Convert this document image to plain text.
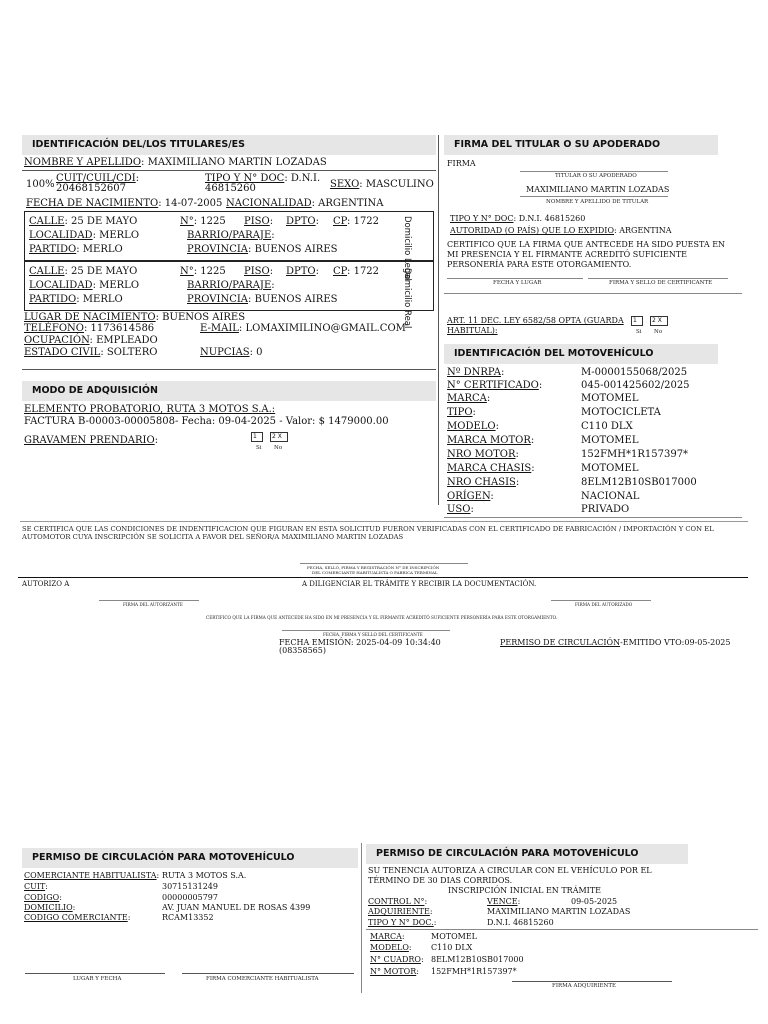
IDENTIFICACIÓN DEL/LOS TITULARES/ES
NOMBRE Y APELLIDO: MAXIMILIANO MARTIN LOZADAS
100%
CUIT/CUIL/CDI:
20468152607
TIPO Y N° DOC: D.N.I.
46815260	SEXO: MASCULINO
FECHA DE NACIMIENTO: 14-07-2005 NACIONALIDAD: ARGENTINA
CALLE: 25 DE MAYO	N°: 1225 PISO: DPTO: CP: 1722
LOCALIDAD: MERLO	BARRIO/PARAJE:
PARTIDO: MERLO	PROVINCIA: BUENOS AIRES	Domicilio Legal
CALLE: 25 DE MAYO	N°: 1225 PISO: DPTO: CP: 1722
LOCALIDAD: MERLO	BARRIO/PARAJE:
PARTIDO: MERLO	PROVINCIA: BUENOS AIRES	Domicilio Real
LUGAR DE NACIMIENTO: BUENOS AIRES
TELÉFONO: 1173614586	E-MAIL: LOMAXIMILINO@GMAIL.COM
OCUPACIÓN: EMPLEADO
ESTADO CIVIL: SOLTERO	NUPCIAS: 0
MODO DE ADQUISICIÓN
ELEMENTO PROBATORIO, RUTA 3 MOTOS S.A.:
FACTURA B-00003-00005808- Fecha: 09-04-2025 - Valor: $ 1479000.00
GRAVAMEN PRENDARIO:	1	2 X
Si No
FIRMA DEL TITULAR O SU APODERADO
FIRMA
TITULAR O SU APODERADO
MAXIMILIANO MARTIN LOZADAS
NOMBRE Y APELLIDO DE TITULAR
TIPO Y N° DOC: D.N.I. 46815260
AUTORIDAD (O PAÍS) QUE LO EXPIDIO: ARGENTINA
CERTIFICO QUE LA FIRMA QUE ANTECEDE HA SIDO PUESTA EN MI PRESENCIA Y EL FIRMANTE ACREDITÓ SUFICIENTE PERSONERÍA PARA ESTE OTORGAMIENTO.
FECHA Y LUGAR	FIRMA Y SELLO DE CERTIFICANTE
ART. 11 DEC. LEY 6582/58 OPTA (GUARDA HABITUAL):
1	2 X
Si No
IDENTIFICACIÓN DEL MOTOVEHÍCULO
Nº DNRPA:	M-0000155068/2025
N° CERTIFICADO:	045-001425602/2025
MARCA:	MOTOMEL
TIPO:	MOTOCICLETA
MODELO:	C110 DLX
MARCA MOTOR:	MOTOMEL
NRO MOTOR:	152FMH*1R157397*
MARCA CHASIS:	MOTOMEL
NRO CHASIS:	8ELM12B10SB017000
ORÍGEN:	NACIONAL
USO:	PRIVADO
SE CERTIFICA QUE LAS CONDICIONES DE INDENTIFICACION QUE FIGURAN EN ESTA SOLICITUD FUERON VERIFICADAS CON EL CERTIFICADO DE FABRICACIÓN / IMPORTACIÓN Y CON EL AUTOMOTOR CUYA INSCRIPCIÓN SE SOLICITA A FAVOR DEL SEÑOR/A MAXIMILIANO MARTIN LOZADAS
FECHA, SELLO, FIRMA Y REGISTRACIÓN N° DE INSCRIPCIÓN
DEL COMERCIANTE HABITUALISTA O FABRICA TERMINAL
AUTORIZO A	A DILIGENCIAR EL TRÁMITE Y RECIBIR LA DOCUMENTACIÓN.
FIRMA DEL AUTORIZANTE	FIRMA DEL AUTORIZADO
CERTIFICO QUE LA FIRMA QUE ANTECEDE HA SIDO EN MI PRESENCIA Y EL FIRMANTE ACREDITÓ SUFICIENTE PERSONERÍA PARA ESTE OTORGAMIENTO.
FECHA, FIRMA Y SELLO DEL CERTIFICANTE
FECHA EMISIÓN: 2025-04-09 10:34:40
(08358565)
PERMISO DE CIRCULACIÓN-EMITIDO VTO:09-05-2025
PERMISO DE CIRCULACIÓN PARA MOTOVEHÍCULO
COMERCIANTE HABITUALISTA: RUTA 3 MOTOS S.A.
CUIT:	30715131249
CODIGO:	00000005797
DOMICILIO:	AV. JUAN MANUEL DE ROSAS 4399
CODIGO COMERCIANTE:	RCAM13352
LUGAR Y FECHA	FIRMA COMERCIANTE HABITUALISTA
PERMISO DE CIRCULACIÓN PARA MOTOVEHÍCULO
SU TENENCIA AUTORIZA A CIRCULAR CON EL VEHÍCULO POR EL TÉRMINO DE 30 DIAS CORRIDOS.
INSCRIPCIÓN INICIAL EN TRÁMITE
CONTROL N°:	VENCE:	09-05-2025
ADQUIRIENTE:	MAXIMILIANO MARTIN LOZADAS
TIPO Y N° DOC.:	D.N.I. 46815260
MARCA:	MOTOMEL
MODELO: C110 DLX
N° CUADRO: 8ELM12B10SB017000
N° MOTOR: 152FMH*1R157397*
FIRMA ADQUIRIENTE
